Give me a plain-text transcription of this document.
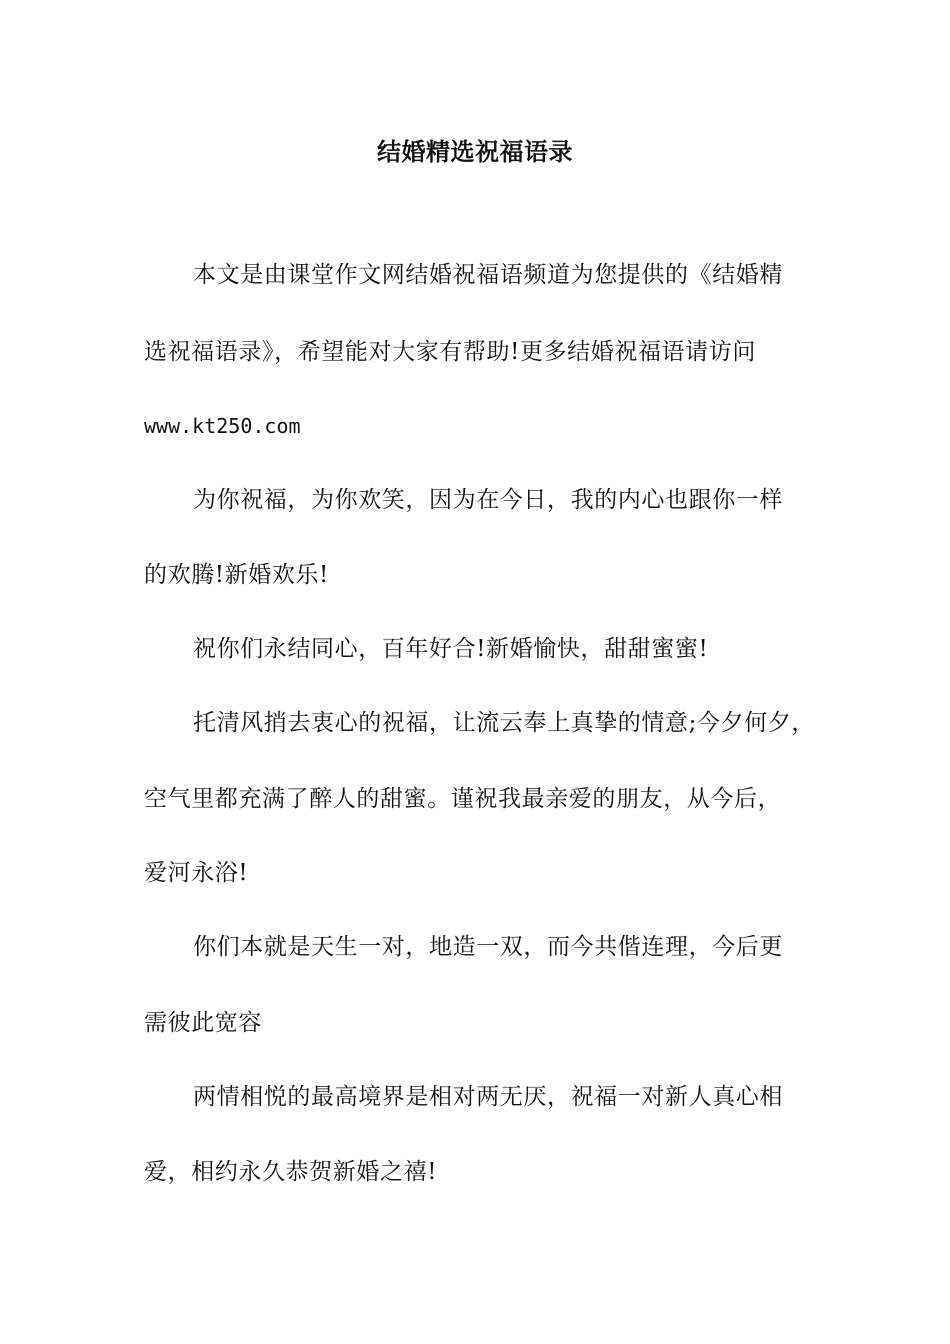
结婚精选祝福语录
本文是由课堂作文网结婚祝福语频道为您提供的《结婚精
选祝福语录》，希望能对大家有帮助!更多结婚祝福语请访问
www.kt250.com
为你祝福，为你欢笑，因为在今日，我的内心也跟你一样
的欢腾!新婚欢乐!
祝你们永结同心，百年好合!新婚愉快，甜甜蜜蜜!
托清风捎去衷心的祝福，让流云奉上真挚的情意;今夕何夕，
空气里都充满了醉人的甜蜜。谨祝我最亲爱的朋友，从今后，
爱河永浴!
你们本就是天生一对，地造一双，而今共偕连理，今后更
需彼此宽容
两情相悦的最高境界是相对两无厌，祝福一对新人真心相
爱，相约永久恭贺新婚之禧!
